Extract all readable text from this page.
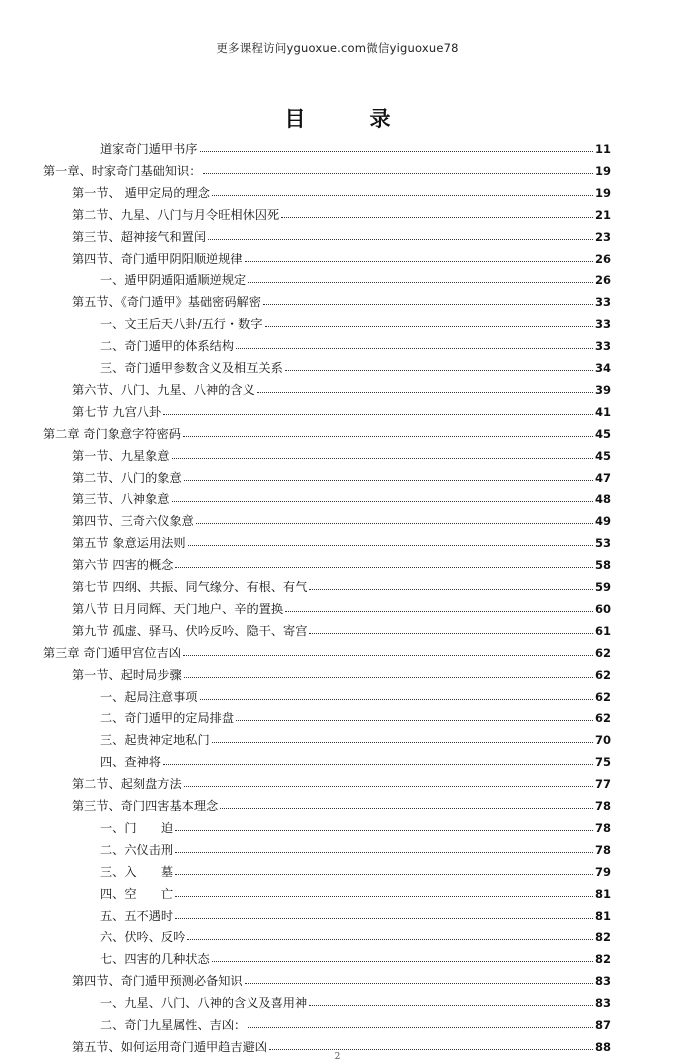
更多课程访问yguoxue.com微信yiguoxue78
目录
道家奇门遁甲书序	11
第一章、时家奇门基础知识：	19
第一节、 遁甲定局的理念	19
第二节、九星、八门与月令旺相休囚死	21
第三节、超神接气和置闰	23
第四节、奇门遁甲阴阳顺逆规律	26
一、遁甲阴遁阳遁顺逆规定	26
第五节、《奇门遁甲》基础密码解密	33
一、文王后天八卦/五行・数字	33
二、奇门遁甲的体系结构	33
三、奇门遁甲参数含义及相互关系	34
第六节、八门、九星、八神的含义	39
第七节 九宫八卦	41
第二章 奇门象意字符密码	45
第一节、九星象意	45
第二节、八门的象意	47
第三节、八神象意	48
第四节、三奇六仪象意	49
第五节 象意运用法则	53
第六节 四害的概念	58
第七节 四纲、共振、同气缘分、有根、有气	59
第八节 日月同辉、天门地户、辛的置换	60
第九节 孤虚、驿马、伏吟反吟、隐干、寄宫	61
第三章 奇门遁甲宫位吉凶	62
第一节、起时局步骤	62
一、起局注意事项	62
二、奇门遁甲的定局排盘	62
三、起贵神定地私门	70
四、查神将	75
第二节、起刻盘方法	77
第三节、奇门四害基本理念	78
一、门　　迫	78
二、六仪击刑	78
三、入　　墓	79
四、空　　亡	81
五、五不遇时	81
六、伏吟、反吟	82
七、四害的几种状态	82
第四节、奇门遁甲预测必备知识	83
一、九星、八门、八神的含义及喜用神	83
二、奇门九星属性、吉凶：	87
第五节、如何运用奇门遁甲趋吉避凶	88
2
